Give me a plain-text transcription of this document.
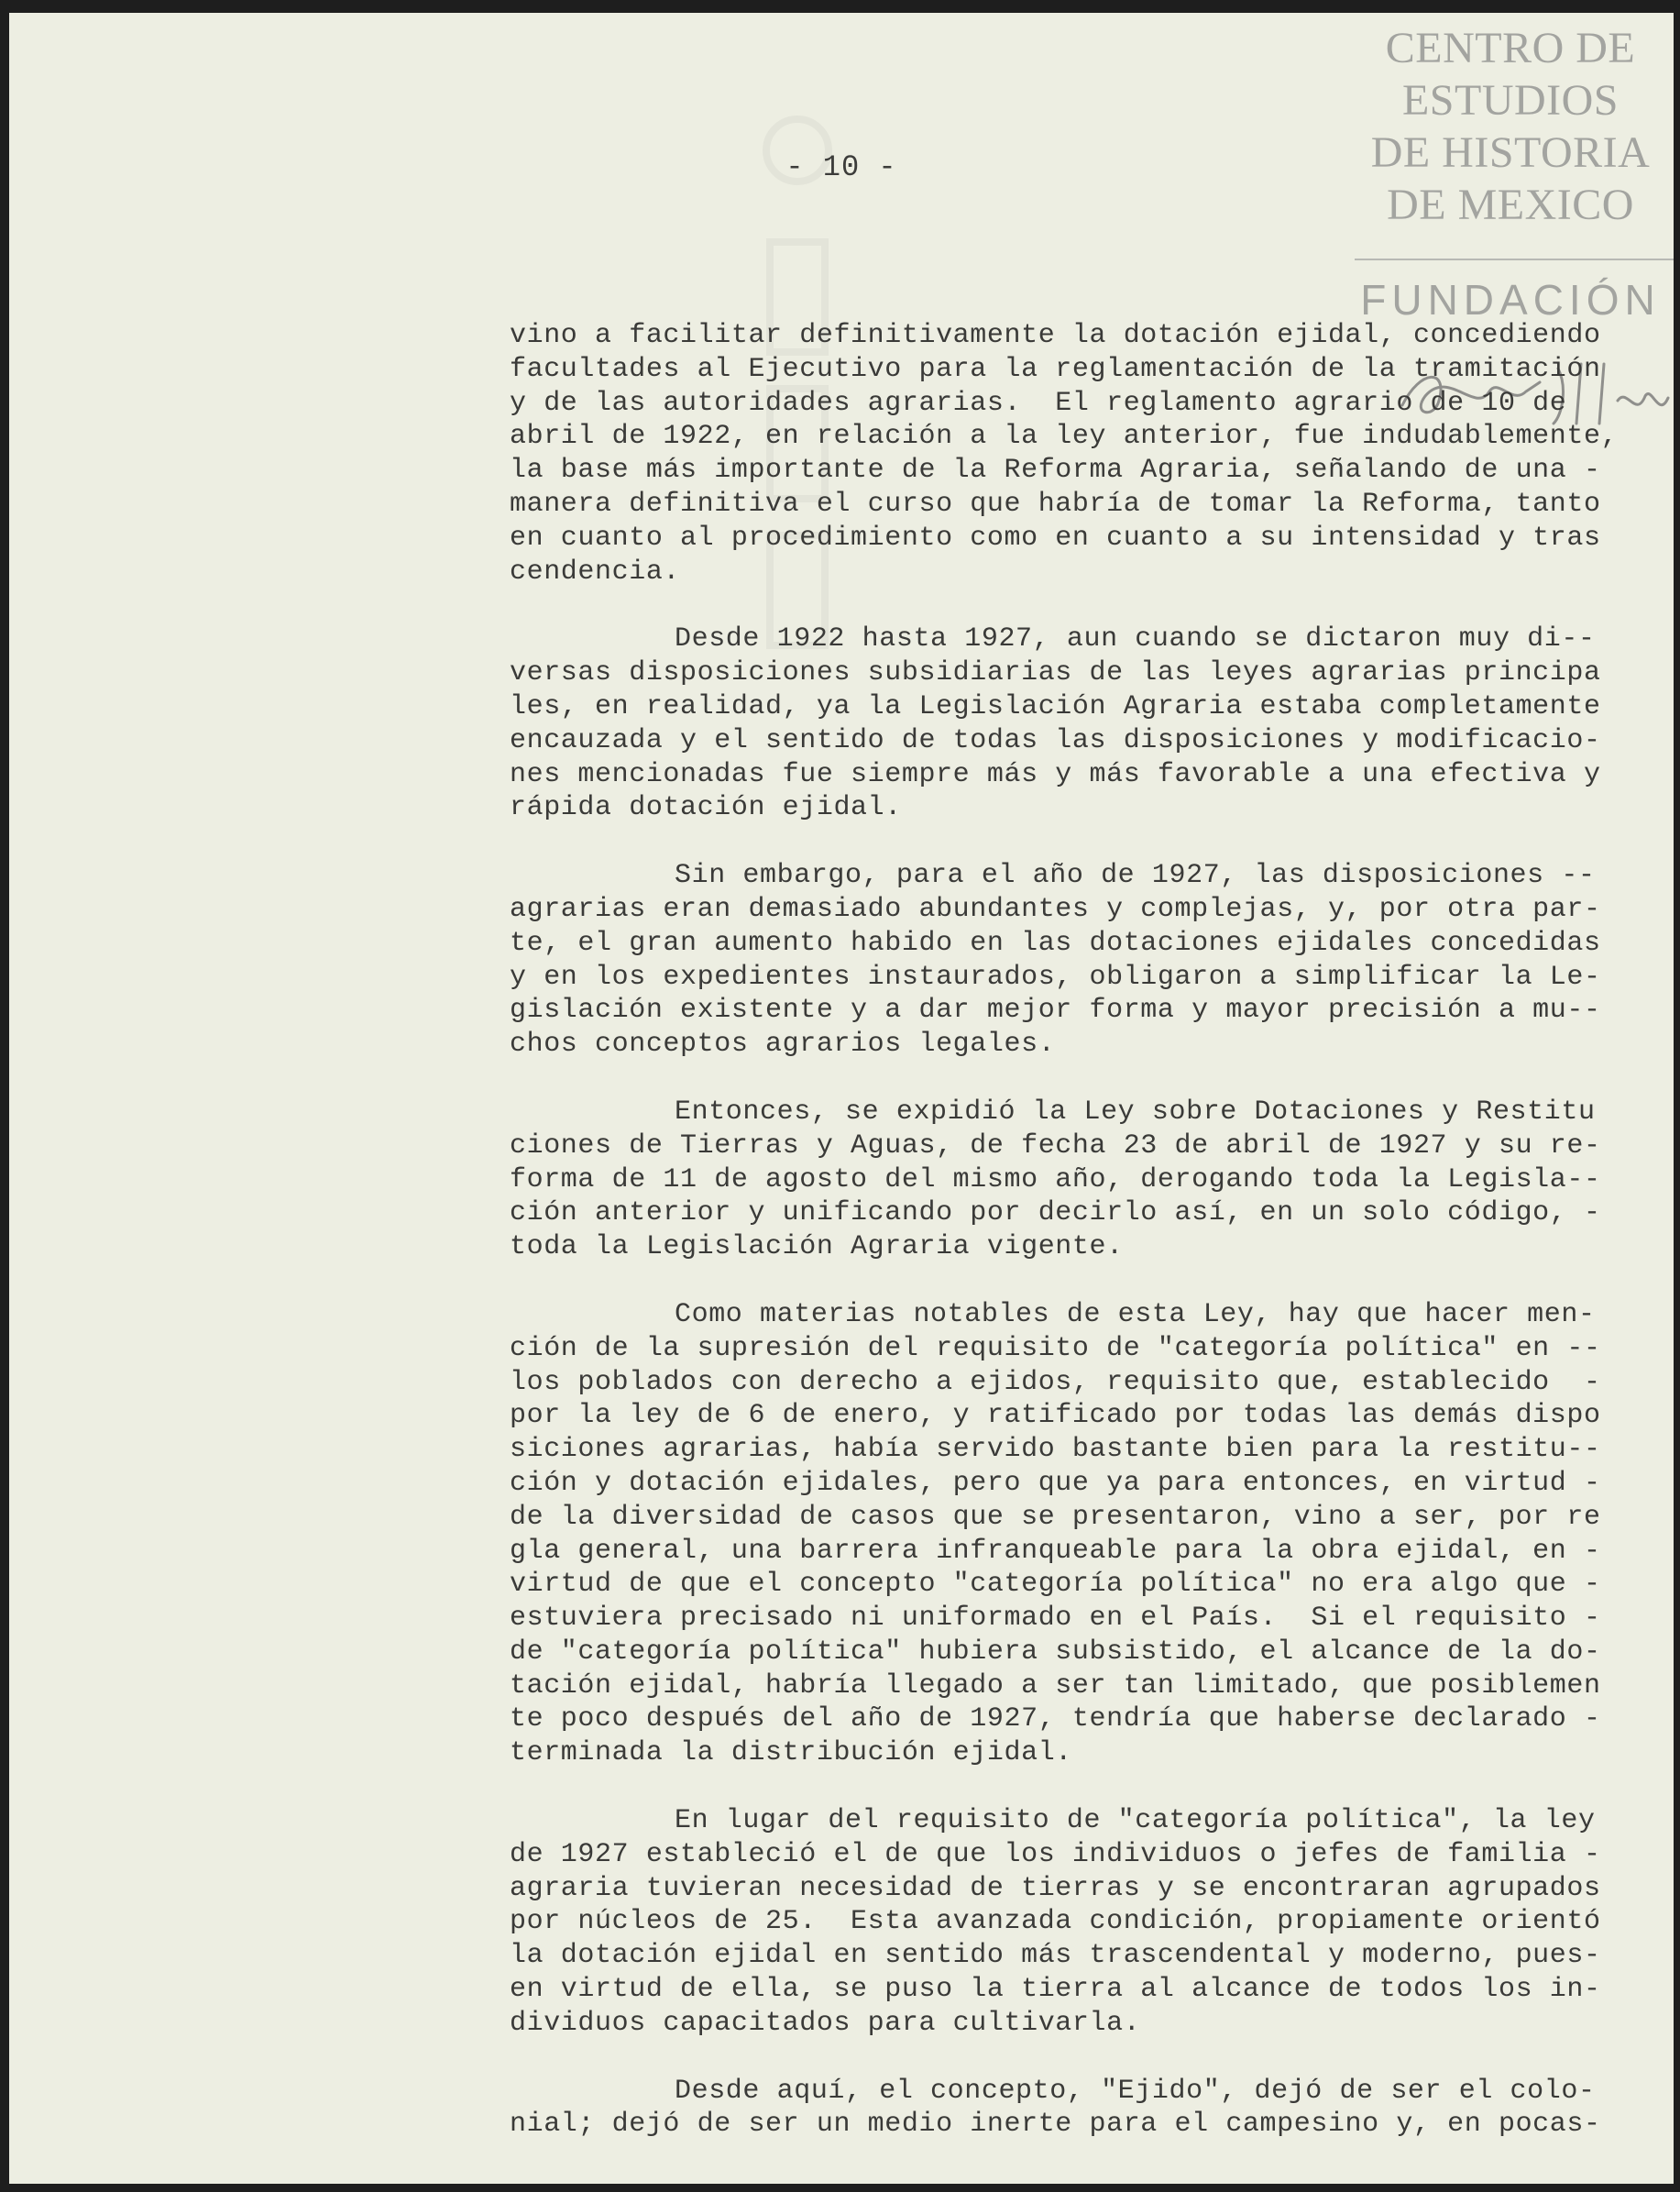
CENTRO DE
ESTUDIOS
DE HISTORIA
DE MEXICO
FUNDACIÓN
- 10 -
vino a facilitar definitivamente la dotación ejidal, concediendo
facultades al Ejecutivo para la reglamentación de la tramitación
y de las autoridades agrarias.  El reglamento agrario de 10 de
abril de 1922, en relación a la ley anterior, fue indudablemente,
la base más importante de la Reforma Agraria, señalando de una -
manera definitiva el curso que habría de tomar la Reforma, tanto
en cuanto al procedimiento como en cuanto a su intensidad y tras
cendencia.
Desde 1922 hasta 1927, aun cuando se dictaron muy di--
versas disposiciones subsidiarias de las leyes agrarias principa
les, en realidad, ya la Legislación Agraria estaba completamente
encauzada y el sentido de todas las disposiciones y modificacio-
nes mencionadas fue siempre más y más favorable a una efectiva y
rápida dotación ejidal.
Sin embargo, para el año de 1927, las disposiciones --
agrarias eran demasiado abundantes y complejas, y, por otra par-
te, el gran aumento habido en las dotaciones ejidales concedidas
y en los expedientes instaurados, obligaron a simplificar la Le-
gislación existente y a dar mejor forma y mayor precisión a mu--
chos conceptos agrarios legales.
Entonces, se expidió la Ley sobre Dotaciones y Restitu
ciones de Tierras y Aguas, de fecha 23 de abril de 1927 y su re-
forma de 11 de agosto del mismo año, derogando toda la Legisla--
ción anterior y unificando por decirlo así, en un solo código, -
toda la Legislación Agraria vigente.
Como materias notables de esta Ley, hay que hacer men-
ción de la supresión del requisito de "categoría política" en --
los poblados con derecho a ejidos, requisito que, establecido  -
por la ley de 6 de enero, y ratificado por todas las demás dispo
siciones agrarias, había servido bastante bien para la restitu--
ción y dotación ejidales, pero que ya para entonces, en virtud -
de la diversidad de casos que se presentaron, vino a ser, por re
gla general, una barrera infranqueable para la obra ejidal, en -
virtud de que el concepto "categoría política" no era algo que -
estuviera precisado ni uniformado en el País.  Si el requisito -
de "categoría política" hubiera subsistido, el alcance de la do-
tación ejidal, habría llegado a ser tan limitado, que posiblemen
te poco después del año de 1927, tendría que haberse declarado -
terminada la distribución ejidal.
En lugar del requisito de "categoría política", la ley
de 1927 estableció el de que los individuos o jefes de familia -
agraria tuvieran necesidad de tierras y se encontraran agrupados
por núcleos de 25.  Esta avanzada condición, propiamente orientó
la dotación ejidal en sentido más trascendental y moderno, pues-
en virtud de ella, se puso la tierra al alcance de todos los in-
dividuos capacitados para cultivarla.
Desde aquí, el concepto, "Ejido", dejó de ser el colo-
nial; dejó de ser un medio inerte para el campesino y, en pocas-
